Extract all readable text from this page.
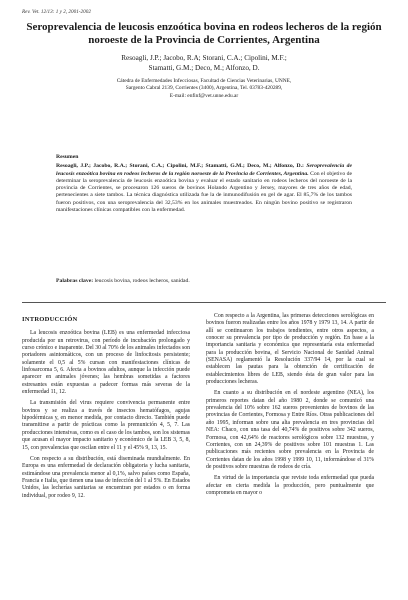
Rev. Vet. 12/13: 1 y 2, 2001-2002
Seroprevalencia de leucosis enzoótica bovina en rodeos lecheros de la región noroeste de la Provincia de Corrientes, Argentina
Resoagli, J.P.; Jacobo, R.A; Storani, C.A.; Cipolini, M.F.;
Stamatti, G.M.; Deco, M.; Alfonzo, D.
Cátedra de Enfermedades Infecciosas, Facultad de Ciencias Veterinarias, UNNE,
Sargento Cabral 2139, Corrientes (3400), Argentina, Tel. 03783-420289,
E-mail: enfinf@vet.unne.edu.ar
Resumen
Resoagli, J.P.; Jacobo, R.A.; Storani, C.A.; Cipolini, M.F.; Stamatti, G.M.; Deco, M.; Alfonzo, D.: Seroprevalencia de leucosis enzoótica bovina en rodeos lecheros de la región noroeste de la Provincia de Corrientes, Argentina. Con el objetivo de determinar la seroprevalencia de leucosis enzoótica bovina y evaluar el estado sanitario en rodeos lecheros del noroeste de la provincia de Corrientes, se procesaron 126 sueros de bovinos Holando Argentino y Jersey, mayores de tres años de edad, pertenecientes a siete tambos. La técnica diagnóstica utilizada fue la de inmunodifusión en gel de agar. El 85,7% de los tambos fueron positivos, con una seroprevalencia del 32,53% en los animales muestreados. En ningún bovino positivo se registraron manifestaciones clínicas compatibles con la enfermedad.
Palabras clave: leucosis bovina, rodeos lecheros, sanidad.
INTRODUCCIÓN

La leucosis enzoótica bovina (LEB) es una enfermedad infecciosa producida por un retrovirus, con período de incubación prolongado y curso crónico e inaparente. Del 30 al 70% de los animales infectados son portadores asintomáticos, con un proceso de linfocitosis persistente; solamente el 0,5 al 5% cursan con manifestaciones clínicas de linfosarcoma 5, 6. Afecta a bovinos adultos, aunque la infección puede aparecer en animales jóvenes; las hembras sometidas a factores estresantes están expuestas a padecer formas más severas de la enfermedad 11, 12.

La transmisión del virus requiere convivencia permanente entre bovinos y se realiza a través de insectos hematófagos, agujas hipodérmicas y, en menor medida, por contacto directo. También puede transmitirse a partir de prácticas como la premunición 4, 5, 7. Las producciones intensivas, como es el caso de los tambos, son los sistemas que acusan el mayor impacto sanitario y económico de la LEB 3, 5, 8, 15, con prevalencias que oscilan entre el 11 y el 45% 9, 13, 15.

Con respecto a su distribución, está diseminada mundialmente. En Europa es una enfermedad de declaración obligatoria y lucha sanitaria, estimándose una prevalencia menor al 0,1%, salvo países como España, Francia e Italia, que tienen una tasa de infección del 1 al 5%. En Estados Unidos, las lecherías sanitarias se encuentran por estados o en forma individual, por rodeo 9, 12.

Con respecto a la Argentina, las primeras detecciones serológicas en bovinos fueron realizadas entre los años 1978 y 1979 13, 14. A partir de allí se continuaron los trabajos tendientes, entre otros aspectos, a conocer su prevalencia por tipo de producción y región. En base a la importancia sanitaria y económica que representaría esta enfermedad para la producción bovina, el Servicio Nacional de Sanidad Animal (SENASA) reglamentó la Resolución 337/94 14, por la cual se establecen las pautas para la obtención de certificación de establecimientos libres de LEB, siendo ésta de gran valor para las producciones lecheras.

En cuanto a su distribución en el nordeste argentino (NEA), los primeros reportes datan del año 1980 2, donde se comunicó una prevalencia del 10% sobre 162 sueros provenientes de bovinos de las provincias de Corrientes, Formosa y Entre Ríos. Otras publicaciones del año 1995, informan sobre una alta prevalencia en tres provincias del NEA: Chaco, con una tasa del 40,74% de positivos sobre 342 sueros, Formosa, con 42,64% de reactores serológicos sobre 132 muestras, y Corrientes, con un 24,39% de positivos sobre 101 muestras 1. Las publicaciones más recientes sobre prevalencia en la Provincia de Corrientes datan de los años 1998 y 1999 10, 11, informándose el 31% de positivos sobre muestras de rodeos de cría.

En virtud de la importancia que reviste toda enfermedad que pueda afectar en cierta medida la producción, pero puntualmente que comprometa en mayor o
